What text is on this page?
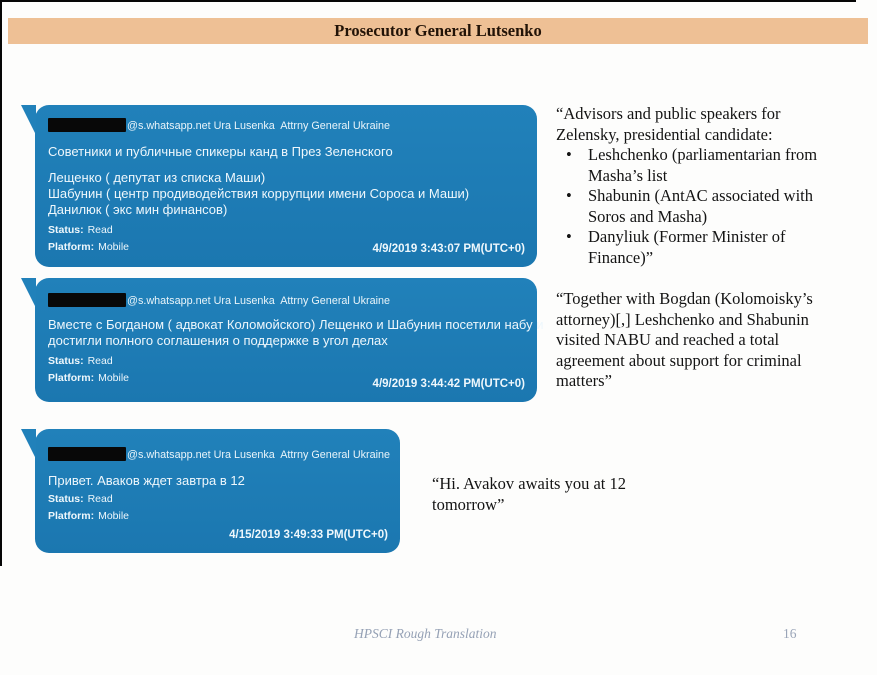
Prosecutor General Lutsenko
@s.whatsapp.net Ura Lusenka  Attrny General Ukraine
Советники и публичные спикеры канд в През Зеленского
Лещенко ( депутат из списка Маши)
Шабунин ( центр продиводействия коррупции имени Сороса и Маши)
Данилюк ( экс мин финансов)
Status: Read
Platform: Mobile	4/9/2019 3:43:07 PM(UTC+0)
@s.whatsapp.net Ura Lusenka  Attrny General Ukraine
Вместе с Богданом ( адвокат Коломойского) Лещенко и Шабунин посетили набу и
достигли полного соглашения о поддержке в угол делах
Status: Read
Platform: Mobile	4/9/2019 3:44:42 PM(UTC+0)
@s.whatsapp.net Ura Lusenka  Attrny General Ukraine
Привет. Аваков ждет завтра в 12
Status: Read
Platform: Mobile
4/15/2019 3:49:33 PM(UTC+0)
“Advisors and public speakers for
Zelensky, presidential candidate:
• Leshchenko (parliamentarian from
Masha’s list
• Shabunin (AntAC associated with
Soros and Masha)
• Danyliuk (Former Minister of
Finance)”
“Together with Bogdan (Kolomoisky’s
attorney)[,] Leshchenko and Shabunin
visited NABU and reached a total
agreement about support for criminal
matters”
“Hi. Avakov awaits you at 12
tomorrow”
HPSCI Rough Translation	16
